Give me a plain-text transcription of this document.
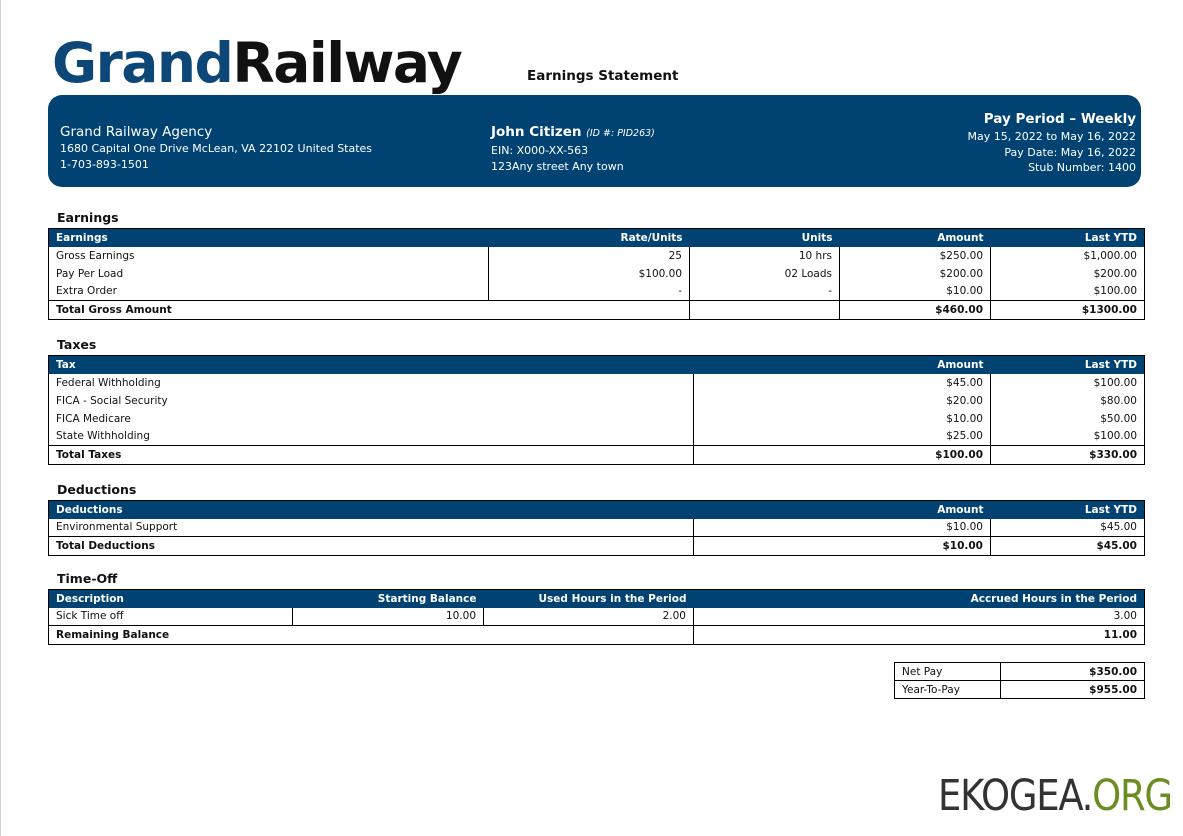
GrandRailway	Earnings Statement
Grand Railway Agency
1680 Capital One Drive McLean, VA 22102 United States
1-703-893-1501
John Citizen (ID #: PID263)
EIN: X000-XX-563
123Any street Any town
Pay Period – Weekly
May 15, 2022 to May 16, 2022
Pay Date: May 16, 2022
Stub Number: 1400
Earnings
Earnings	Rate/Units	Units	Amount	Last YTD
Gross Earnings	25	10 hrs	$250.00	$1,000.00
Pay Per Load	$100.00	02 Loads	$200.00	$200.00
Extra Order	-	-	$10.00	$100.00
Total Gross Amount			$460.00	$1300.00
Taxes
Tax	Amount	Last YTD
Federal Withholding	$45.00	$100.00
FICA - Social Security	$20.00	$80.00
FICA Medicare	$10.00	$50.00
State Withholding	$25.00	$100.00
Total Taxes	$100.00	$330.00
Deductions
Deductions	Amount	Last YTD
Environmental Support	$10.00	$45.00
Total Deductions	$10.00	$45.00
Time-Off
Description	Starting Balance	Used Hours in the Period	Accrued Hours in the Period
Sick Time off	10.00	2.00	3.00
Remaining Balance			11.00
Net Pay	$350.00
Year-To-Pay	$955.00
EKOGEA.ORG
